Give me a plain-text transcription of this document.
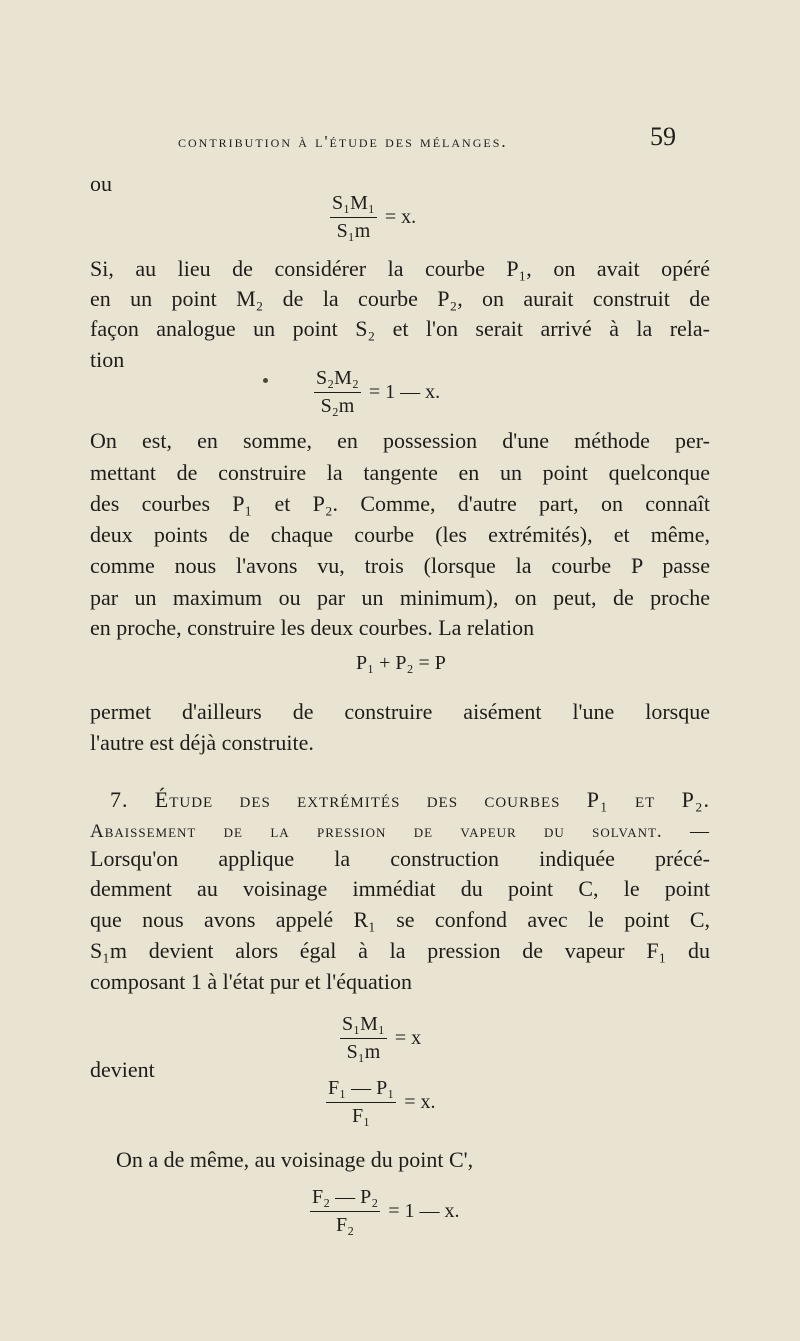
contribution à l'étude des mélanges.	59
ou
$\frac{\text{S₁M₁}}{\text{S₁m}} = x$.
Si, au lieu de considérer la courbe P₁, on avait opéré
en un point M₂ de la courbe P₂, on aurait construit de
façon analogue un point S₂ et l'on serait arrivé à la rela-
tion
$\frac{\text{S₂M₂}}{\text{S₂m}} = 1$ — x.
On est, en somme, en possession d'une méthode per-
mettant de construire la tangente en un point quelconque
des courbes P₁ et P₂. Comme, d'autre part, on connaît
deux points de chaque courbe (les extrémités), et même,
comme nous l'avons vu, trois (lorsque la courbe P passe
par un maximum ou par un minimum), on peut, de proche
en proche, construire les deux courbes. La relation
P₁ + P₂ = P
permet d'ailleurs de construire aisément l'une lorsque
l'autre est déjà construite.
7. Étude des extrémités des courbes P₁ et P₂.
Abaissement de la pression de vapeur du solvant. —
Lorsqu'on applique la construction indiquée précé-
demment au voisinage immédiat du point C, le point
que nous avons appelé R₁ se confond avec le point C,
S₁m devient alors égal à la pression de vapeur F₁ du
composant 1 à l'état pur et l'équation
$\frac{\text{S₁M₁}}{\text{S₁m}} = x$
devient
$\frac{\text{F₁ — P₁}}{\text{F₁}} = x$.
On a de même, au voisinage du point C',
$\frac{\text{F₂ — P₂}}{\text{F₂}} = 1$ — x.
